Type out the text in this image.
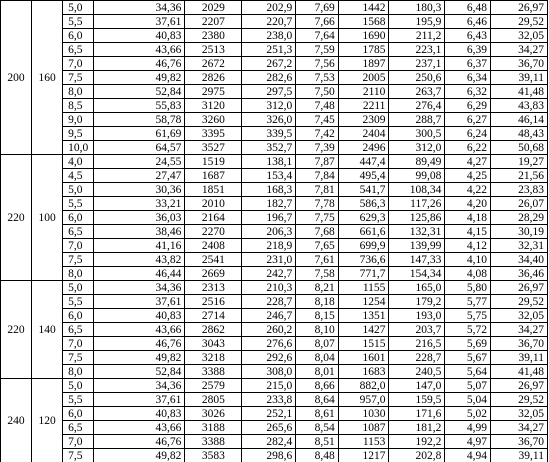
200	160	5,0	34,36	2029	202,9	7,69	1442	180,3	6,48	26,97
		5,5	37,61	2207	220,7	7,66	1568	195,9	6,46	29,52
		6,0	40,83	2380	238,0	7,64	1690	211,2	6,43	32,05
		6,5	43,66	2513	251,3	7,59	1785	223,1	6,39	34,27
		7,0	46,76	2672	267,2	7,56	1897	237,1	6,37	36,70
		7,5	49,82	2826	282,6	7,53	2005	250,6	6,34	39,11
		8,0	52,84	2975	297,5	7,50	2110	263,7	6,32	41,48
		8,5	55,83	3120	312,0	7,48	2211	276,4	6,29	43,83
		9,0	58,78	3260	326,0	7,45	2309	288,7	6,27	46,14
		9,5	61,69	3395	339,5	7,42	2404	300,5	6,24	48,43
		10,0	64,57	3527	352,7	7,39	2496	312,0	6,22	50,68
220	100	4,0	24,55	1519	138,1	7,87	447,4	89,49	4,27	19,27
		4,5	27,47	1687	153,4	7,84	495,4	99,08	4,25	21,56
		5,0	30,36	1851	168,3	7,81	541,7	108,34	4,22	23,83
		5,5	33,21	2010	182,7	7,78	586,3	117,26	4,20	26,07
		6,0	36,03	2164	196,7	7,75	629,3	125,86	4,18	28,29
		6,5	38,46	2270	206,3	7,68	661,6	132,31	4,15	30,19
		7,0	41,16	2408	218,9	7,65	699,9	139,99	4,12	32,31
		7,5	43,82	2541	231,0	7,61	736,6	147,33	4,10	34,40
		8,0	46,44	2669	242,7	7,58	771,7	154,34	4,08	36,46
220	140	5,0	34,36	2313	210,3	8,21	1155	165,0	5,80	26,97
		5,5	37,61	2516	228,7	8,18	1254	179,2	5,77	29,52
		6,0	40,83	2714	246,7	8,15	1351	193,0	5,75	32,05
		6,5	43,66	2862	260,2	8,10	1427	203,7	5,72	34,27
		7,0	46,76	3043	276,6	8,07	1515	216,5	5,69	36,70
		7,5	49,82	3218	292,6	8,04	1601	228,7	5,67	39,11
		8,0	52,84	3388	308,0	8,01	1683	240,5	5,64	41,48
240	120	5,0	34,36	2579	215,0	8,66	882,0	147,0	5,07	26,97
		5,5	37,61	2805	233,8	8,64	957,0	159,5	5,04	29,52
		6,0	40,83	3026	252,1	8,61	1030	171,6	5,02	32,05
		6,5	43,66	3188	265,6	8,54	1087	181,2	4,99	34,27
		7,0	46,76	3388	282,4	8,51	1153	192,2	4,97	36,70
		7,5	49,82	3583	298,6	8,48	1217	202,8	4,94	39,11
